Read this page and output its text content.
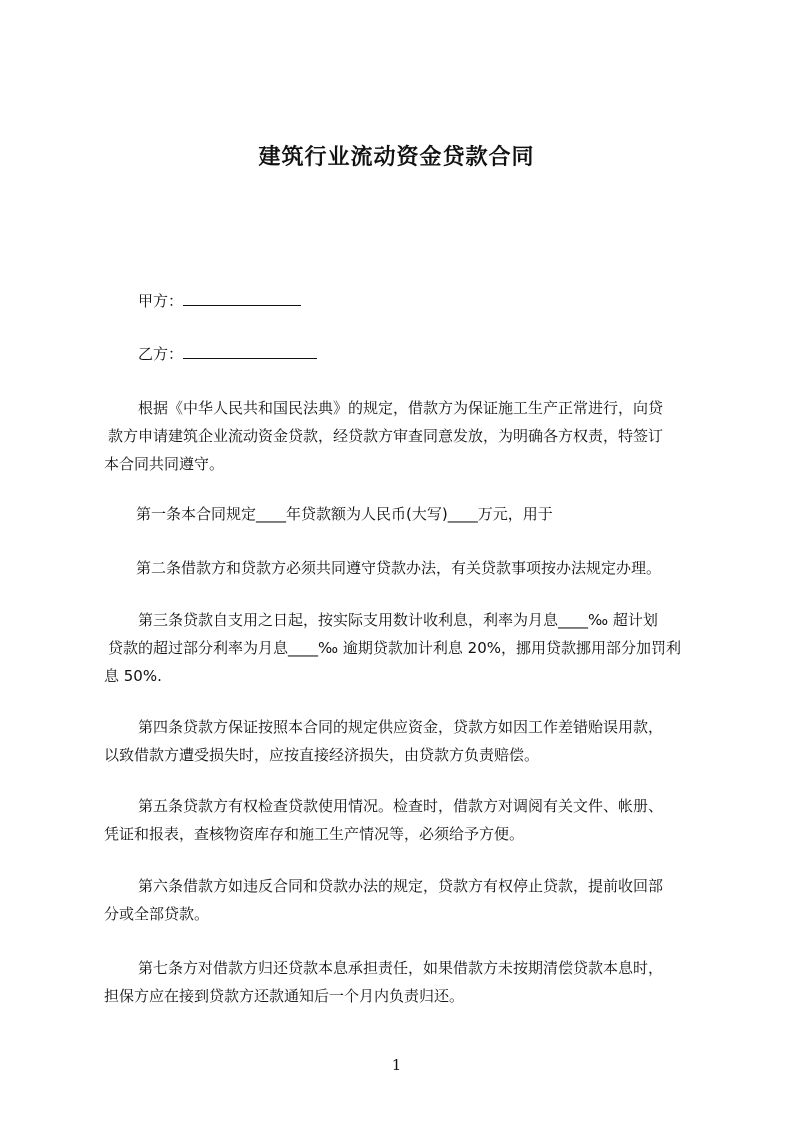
建筑行业流动资金贷款合同
甲方：
乙方：
根据《中华人民共和国民法典》的规定，借款方为保证施工生产正常进行，向贷
款方申请建筑企业流动资金贷款，经贷款方审查同意发放，为明确各方权责，特签订
本合同共同遵守。
第一条本合同规定____年贷款额为人民币(大写)____万元，用于
第二条借款方和贷款方必须共同遵守贷款办法，有关贷款事项按办法规定办理。
第三条贷款自支用之日起，按实际支用数计收利息，利率为月息____‰ 超计划
贷款的超过部分利率为月息____‰ 逾期贷款加计利息 20%，挪用贷款挪用部分加罚利
息 50%.
第四条贷款方保证按照本合同的规定供应资金，贷款方如因工作差错贻误用款，
以致借款方遭受损失时，应按直接经济损失，由贷款方负责赔偿。
第五条贷款方有权检查贷款使用情况。检查时，借款方对调阅有关文件、帐册、
凭证和报表，查核物资库存和施工生产情况等，必须给予方便。
第六条借款方如违反合同和贷款办法的规定，贷款方有权停止贷款，提前收回部
分或全部贷款。
第七条方对借款方归还贷款本息承担责任，如果借款方未按期清偿贷款本息时，
担保方应在接到贷款方还款通知后一个月内负责归还。
1
